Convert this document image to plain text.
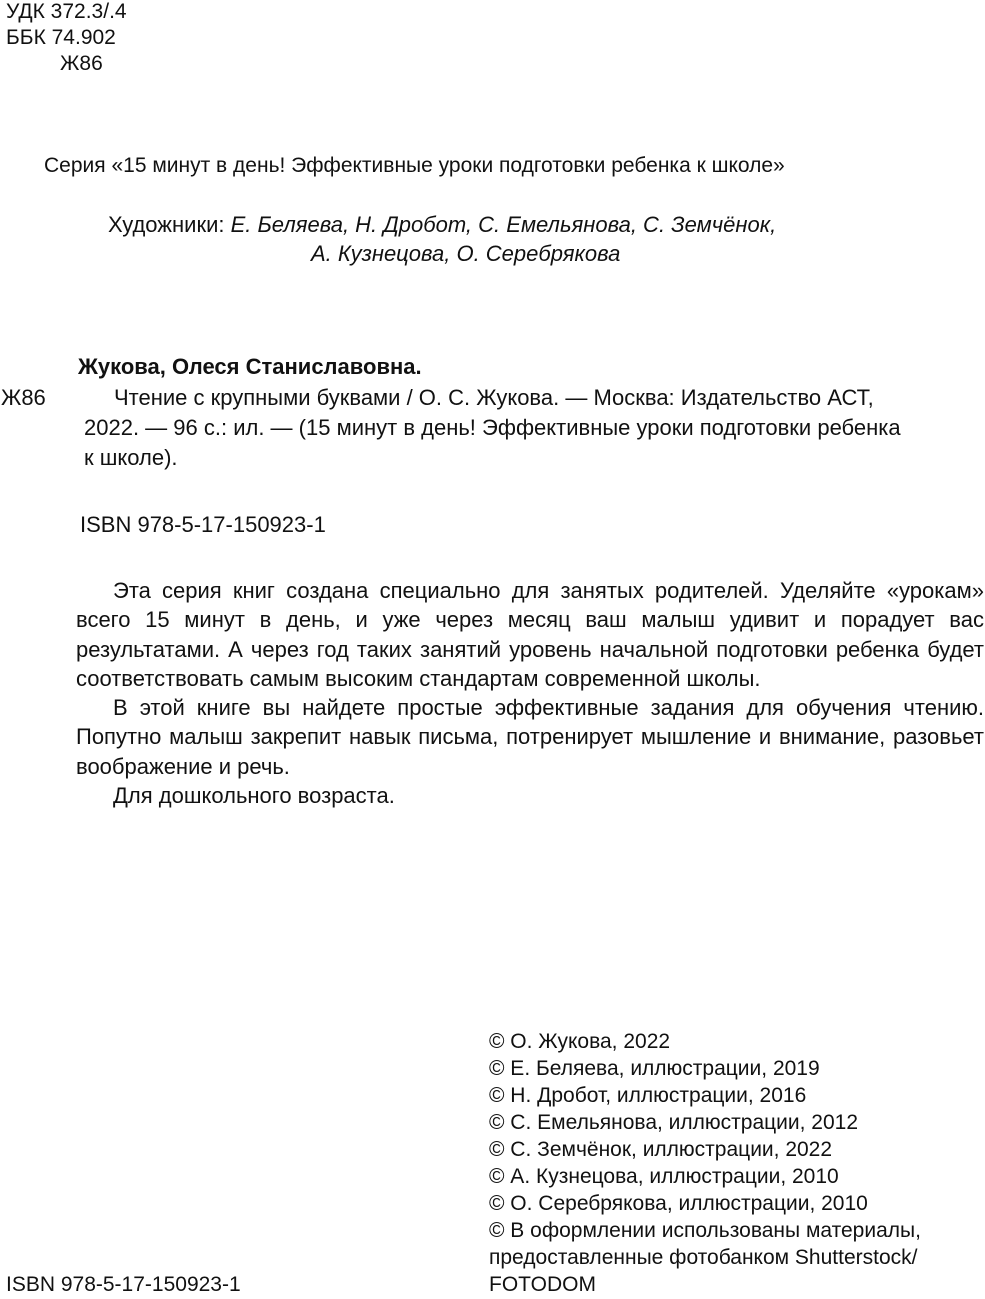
УДК 372.3/.4
ББК 74.902
Ж86
Серия «15 минут в день! Эффективные уроки подготовки ребенка к школе»
Художники: Е. Беляева, Н. Дробот, С. Емельянова, С. Земчёнок,
А. Кузнецова, О. Серебрякова
Жукова, Олеся Станиславовна.
Ж86	Чтение с крупными буквами / О. С. Жукова. — Москва: Издательство АСТ,
2022. — 96 с.: ил. — (15 минут в день! Эффективные уроки подготовки ребенка
к школе).
ISBN 978-5-17-150923-1

Эта серия книг создана специально для занятых родителей. Уделяйте «урокам» всего 15 минут в день, и уже через месяц ваш малыш удивит и порадует вас результатами. А через год таких занятий уровень начальной подготовки ребенка будет соответствовать самым высоким стандартам современной школы.

В этой книге вы найдете простые эффективные задания для обучения чтению. Попутно малыш закрепит навык письма, потренирует мышление и внимание, разовьет воображение и речь.

Для дошкольного возраста.

© О. Жукова, 2022
© Е. Беляева, иллюстрации, 2019
© Н. Дробот, иллюстрации, 2016
© С. Емельянова, иллюстрации, 2012
© С. Земчёнок, иллюстрации, 2022
© А. Кузнецова, иллюстрации, 2010
© О. Серебрякова, иллюстрации, 2010
© В оформлении использованы материалы,
предоставленные фотобанком Shutterstock/
FOTODOM
ISBN 978-5-17-150923-1
